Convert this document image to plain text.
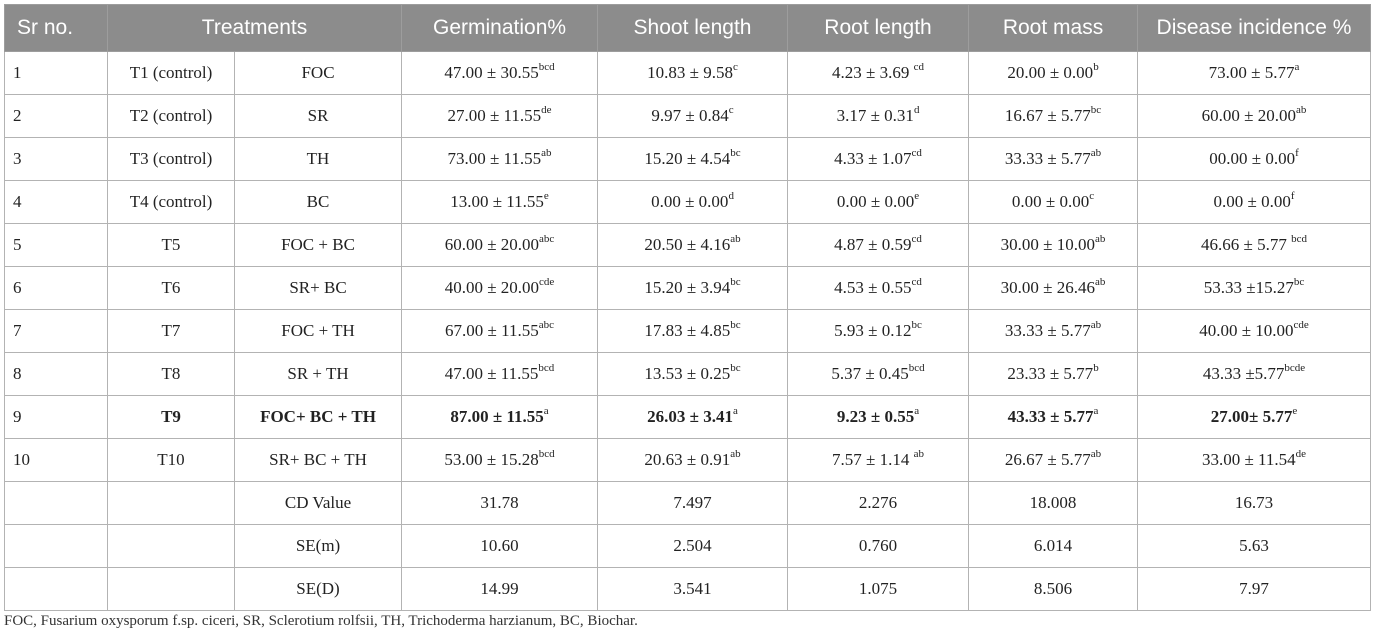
Sr no.	Treatments		Germination%	Shoot length	Root length	Root mass	Disease incidence %
1	T1 (control)	FOC	47.00 ± 30.55$^{bcd}$	10.83 ± 9.58$^c$	4.23 ± 3.69 $^{cd}$	20.00 ± 0.00$^b$	73.00 ± 5.77$^a$
2	T2 (control)	SR	27.00 ± 11.55de	9.97 ± 0.84$^c$	3.17 ± 0.31$^d$	16.67 ± 5.77$^{bc}$	60.00 ± 20.00$^{ab}$
3	T3 (control)	TH	73.00 ± 11.55$^{ab}$	15.20 ± 4.54$^{bc}$	4.33 ± 1.07$^{cd}$	33.33 ± 5.77$^{ab}$	00.00 ± 0.00$^f$
4	T4 (control)	BC	13.00 ± 11.55$^e$	0.00 ± 0.00$^d$	0.00 ± 0.00$^e$	0.00 ± 0.00$^c$	0.00 ± 0.00$^f$
5	T5	FOC + BC	60.00 ± 20.00$^{abc}$	20.50 ± 4.16$^{ab}$	4.87 ± 0.59$^{cd}$	30.00 ± 10.00$^{ab}$	46.66 ± 5.77 $^{bcd}$
6	T6	SR+ BC	40.00 ± 20.00$^{cde}$	15.20 ± 3.94$^{bc}$	4.53 ± 0.55$^{cd}$	30.00 ± 26.46$^{ab}$	53.33 ±15.27$^{bc}$
7	T7	FOC + TH	67.00 ± 11.55$^{abc}$	17.83 ± 4.85$^{bc}$	5.93 ± 0.12$^{bc}$	33.33 ± 5.77$^{ab}$	40.00 ± 10.00$^{cde}$
8	T8	SR + TH	47.00 ± 11.55$^{bcd}$	13.53 ± 0.25$^{bc}$	5.37 ± 0.45$^{bcd}$	23.33 ± 5.77$^b$	$43.33 \pm 5.77^{bcde}$
9	T9	FOC+ BC + TH	87.00 ± 11.55$^a$	26.03 ± 3.41$^a$	9.23 ± 0.55$^a$	43.33 ± 5.77$^a$	27.00± 5.77$^e$
10	T10	SR+ BC + TH	53.00 ± 15.28$^{bcd}$	20.63 ± 0.91$^{ab}$	7.57 ± 1.14 $^{ab}$	26.67 ± 5.77$^{ab}$	33.00 ± 11.54de
		CD Value	31.78	7.497	2.276	18.008	16.73
		SE(m)	10.60	2.504	0.760	6.014	5.63
		SE(D)	14.99	3.541	1.075	8.506	7.97
FOC, Fusarium oxysporum f.sp. ciceri, SR, Sclerotium rolfsii, TH, Trichoderma harzianum, BC, Biochar.
